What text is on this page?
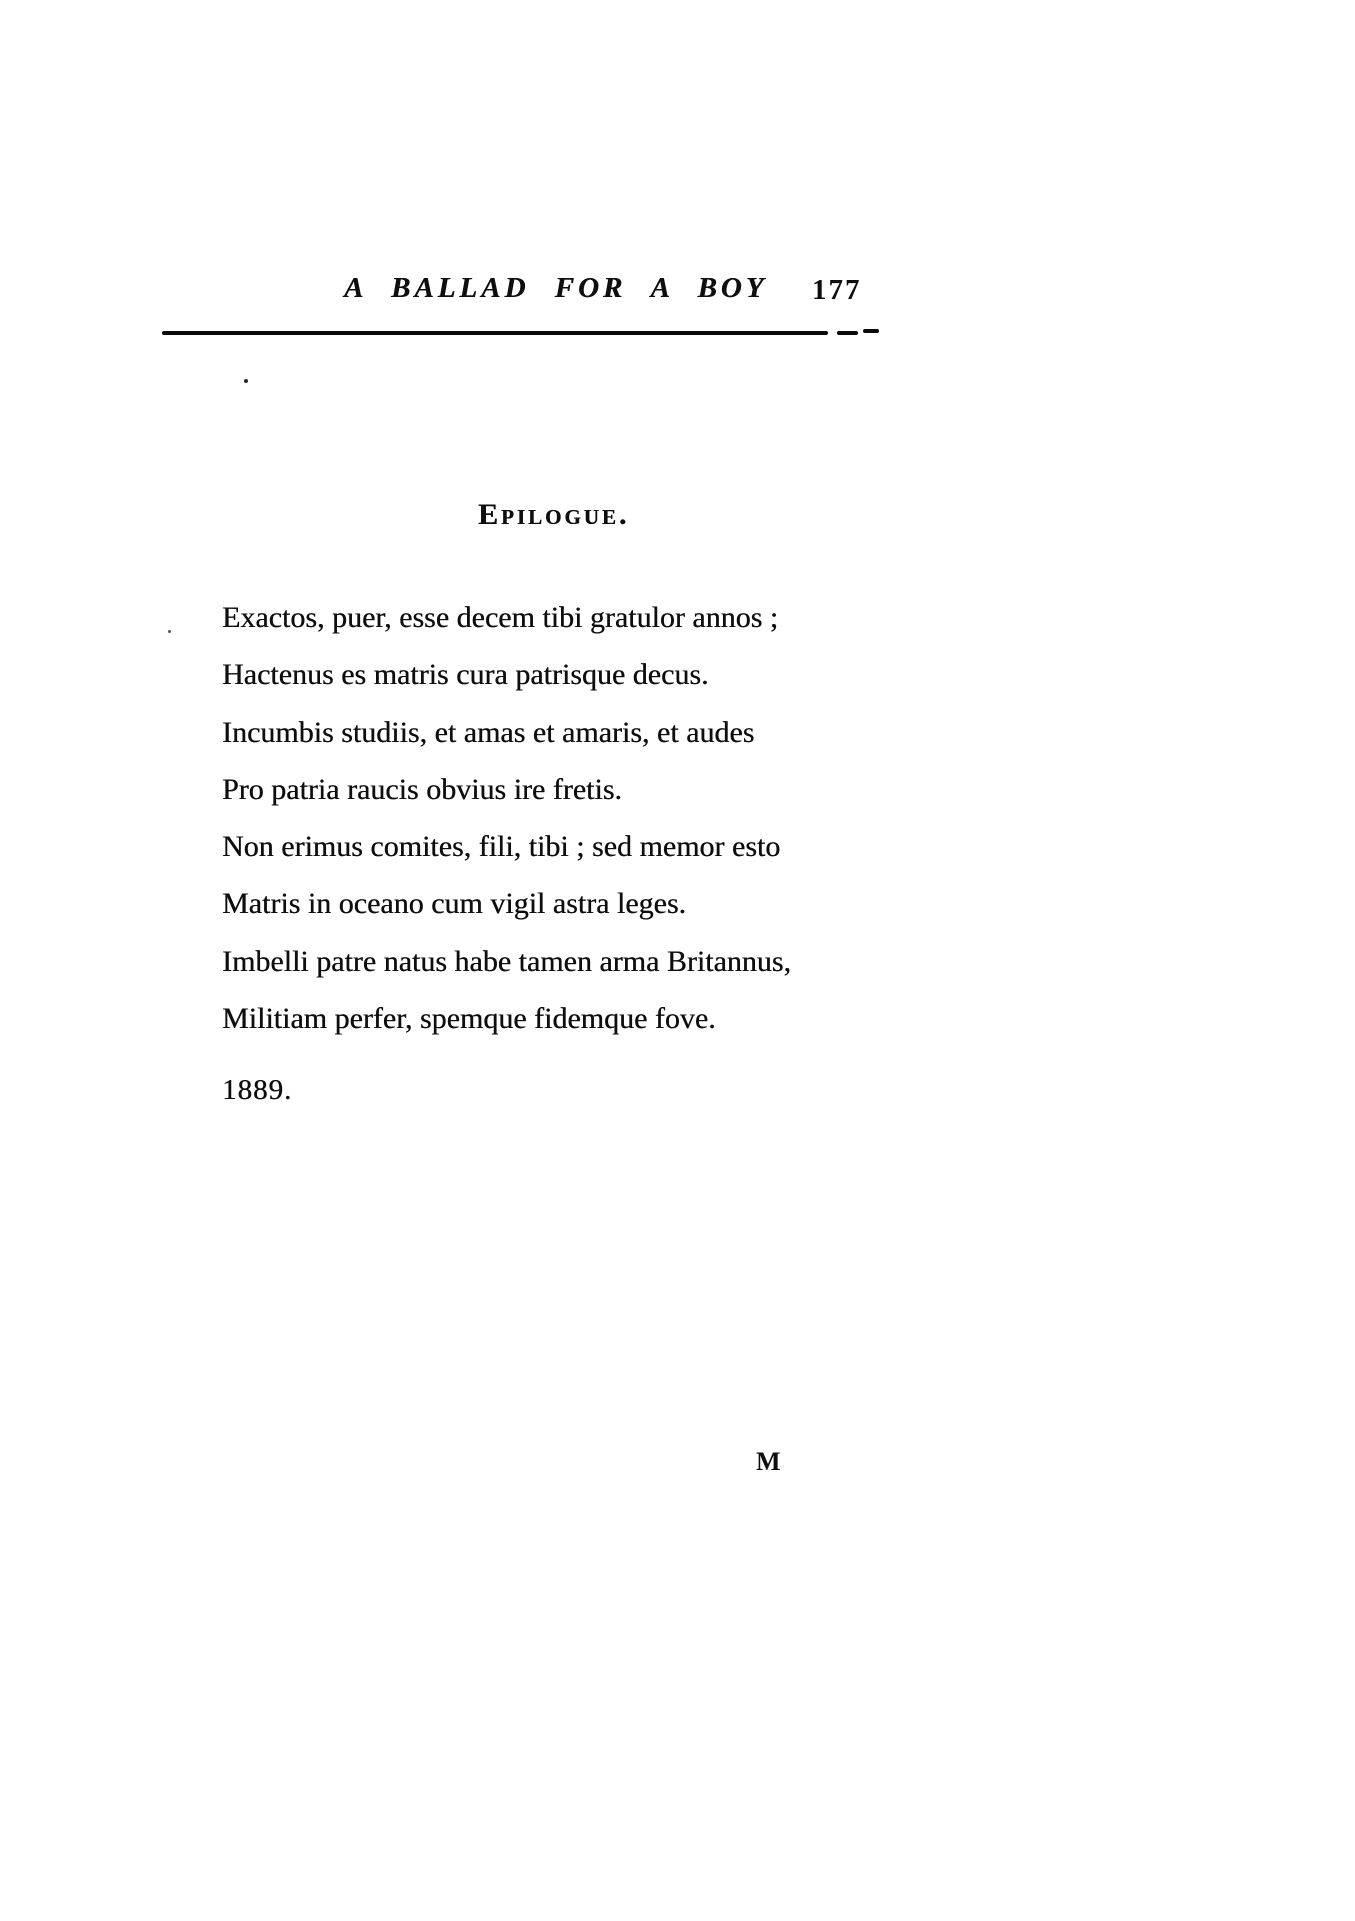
A BALLAD FOR A BOY 177
Epilogue.
Exactos, puer, esse decem tibi gratulor annos ;
Hactenus es matris cura patrisque decus.
Incumbis studiis, et amas et amaris, et audes
Pro patria raucis obvius ire fretis.
Non erimus comites, fili, tibi ; sed memor esto
Matris in oceano cum vigil astra leges.
Imbelli patre natus habe tamen arma Britannus,
Militiam perfer, spemque fidemque fove.
1889.
M
